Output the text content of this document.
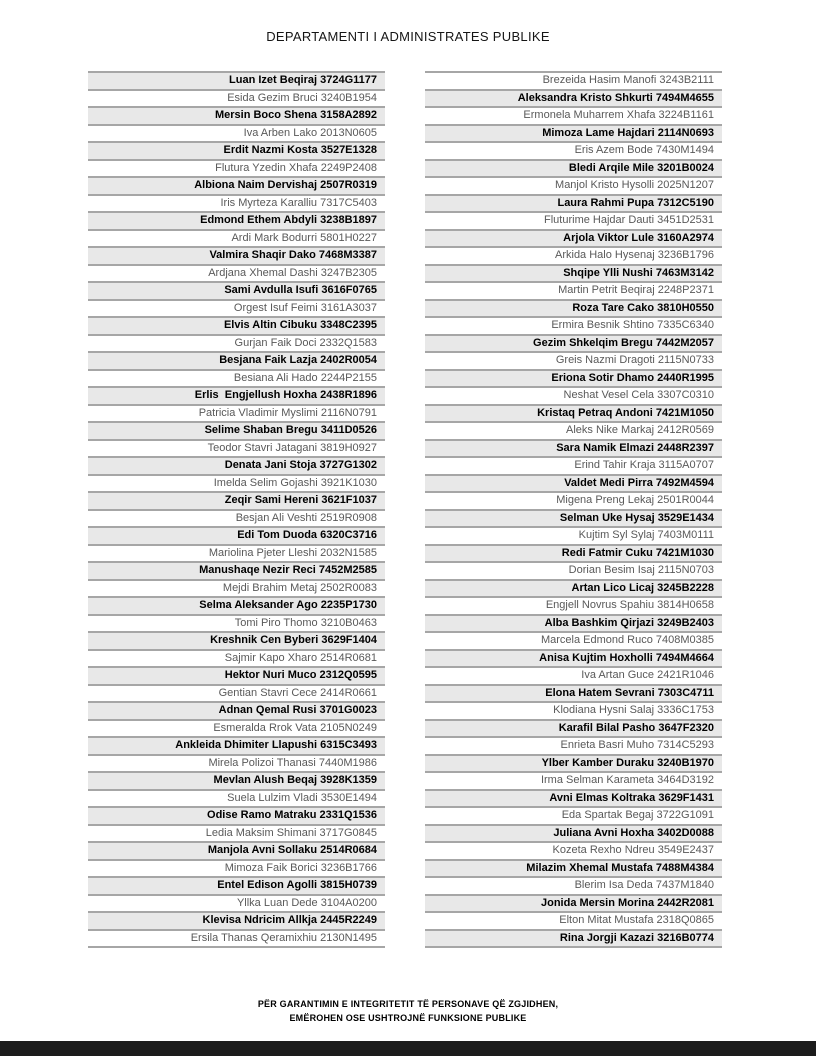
DEPARTAMENTI I ADMINISTRATES PUBLIKE
Luan Izet Beqiraj 3724G1177
Esida Gezim Bruci 3240B1954
Mersin Boco Shena 3158A2892
Iva Arben Lako 2013N0605
Erdit Nazmi Kosta 3527E1328
Flutura Yzedin Xhafa 2249P2408
Albiona Naim Dervishaj 2507R0319
Iris Myrteza Karalliu 7317C5403
Edmond Ethem Abdyli 3238B1897
Ardi Mark Bodurri 5801H0227
Valmira Shaqir Dako 7468M3387
Ardjana Xhemal Dashi 3247B2305
Sami Avdulla Isufi 3616F0765
Orgest Isuf Feimi 3161A3037
Elvis Altin Cibuku 3348C2395
Gurjan Faik Doci 2332Q1583
Besjana Faik Lazja 2402R0054
Besiana Ali Hado 2244P2155
Erlis  Engjellush Hoxha 2438R1896
Patricia Vladimir Myslimi 2116N0791
Selime Shaban Bregu 3411D0526
Teodor Stavri Jatagani 3819H0927
Denata Jani Stoja 3727G1302
Imelda Selim Gojashi 3921K1030
Zeqir Sami Hereni 3621F1037
Besjan Ali Veshti 2519R0908
Edi Tom Duoda 6320C3716
Mariolina Pjeter Lleshi 2032N1585
Manushaqe Nezir Reci 7452M2585
Mejdi Brahim Metaj 2502R0083
Selma Aleksander Ago 2235P1730
Tomi Piro Thomo 3210B0463
Kreshnik Cen Byberi 3629F1404
Sajmir Kapo Xharo 2514R0681
Hektor Nuri Muco 2312Q0595
Gentian Stavri Cece 2414R0661
Adnan Qemal Rusi 3701G0023
Esmeralda Rrok Vata 2105N0249
Ankleida Dhimiter Llapushi 6315C3493
Mirela Polizoi Thanasi 7440M1986
Mevlan Alush Beqaj 3928K1359
Suela Lulzim Vladi 3530E1494
Odise Ramo Matraku 2331Q1536
Ledia Maksim Shimani 3717G0845
Manjola Avni Sollaku 2514R0684
Mimoza Faik Borici 3236B1766
Entel Edison Agolli 3815H0739
Yllka Luan Dede 3104A0200
Klevisa Ndricim Allkja 2445R2249
Ersila Thanas Qeramixhiu 2130N1495
Brezeida Hasim Manofi 3243B2111
Aleksandra Kristo Shkurti 7494M4655
Ermonela Muharrem Xhafa 3224B1161
Mimoza Lame Hajdari 2114N0693
Eris Azem Bode 7430M1494
Bledi Arqile Mile 3201B0024
Manjol Kristo Hysolli 2025N1207
Laura Rahmi Pupa 7312C5190
Fluturime Hajdar Dauti 3451D2531
Arjola Viktor Lule 3160A2974
Arkida Halo Hysenaj 3236B1796
Shqipe Ylli Nushi 7463M3142
Martin Petrit Beqiraj 2248P2371
Roza Tare Cako 3810H0550
Ermira Besnik Shtino 7335C6340
Gezim Shkelqim Bregu 7442M2057
Greis Nazmi Dragoti 2115N0733
Eriona Sotir Dhamo 2440R1995
Neshat Vesel Cela 3307C0310
Kristaq Petraq Andoni 7421M1050
Aleks Nike Markaj 2412R0569
Sara Namik Elmazi 2448R2397
Erind Tahir Kraja 3115A0707
Valdet Medi Pirra 7492M4594
Migena Preng Lekaj 2501R0044
Selman Uke Hysaj 3529E1434
Kujtim Syl Sylaj 7403M0111
Redi Fatmir Cuku 7421M1030
Dorian Besim Isaj 2115N0703
Artan Lico Licaj 3245B2228
Engjell Novrus Spahiu 3814H0658
Alba Bashkim Qirjazi 3249B2403
Marcela Edmond Ruco 7408M0385
Anisa Kujtim Hoxholli 7494M4664
Iva Artan Guce 2421R1046
Elona Hatem Sevrani 7303C4711
Klodiana Hysni Salaj 3336C1753
Karafil Bilal Pasho 3647F2320
Enrieta Basri Muho 7314C5293
Ylber Kamber Duraku 3240B1970
Irma Selman Karameta 3464D3192
Avni Elmas Koltraka 3629F1431
Eda Spartak Begaj 3722G1091
Juliana Avni Hoxha 3402D0088
Kozeta Rexho Ndreu 3549E2437
Milazim Xhemal Mustafa 7488M4384
Blerim Isa Deda 7437M1840
Jonida Mersin Morina 2442R2081
Elton Mitat Mustafa 2318Q0865
Rina Jorgji Kazazi 3216B0774
PËR GARANTIMIN E INTEGRITETIT TË PERSONAVE QË ZGJIDHEN,
EMËROHEN OSE USHTROJNË FUNKSIONE PUBLIKE
